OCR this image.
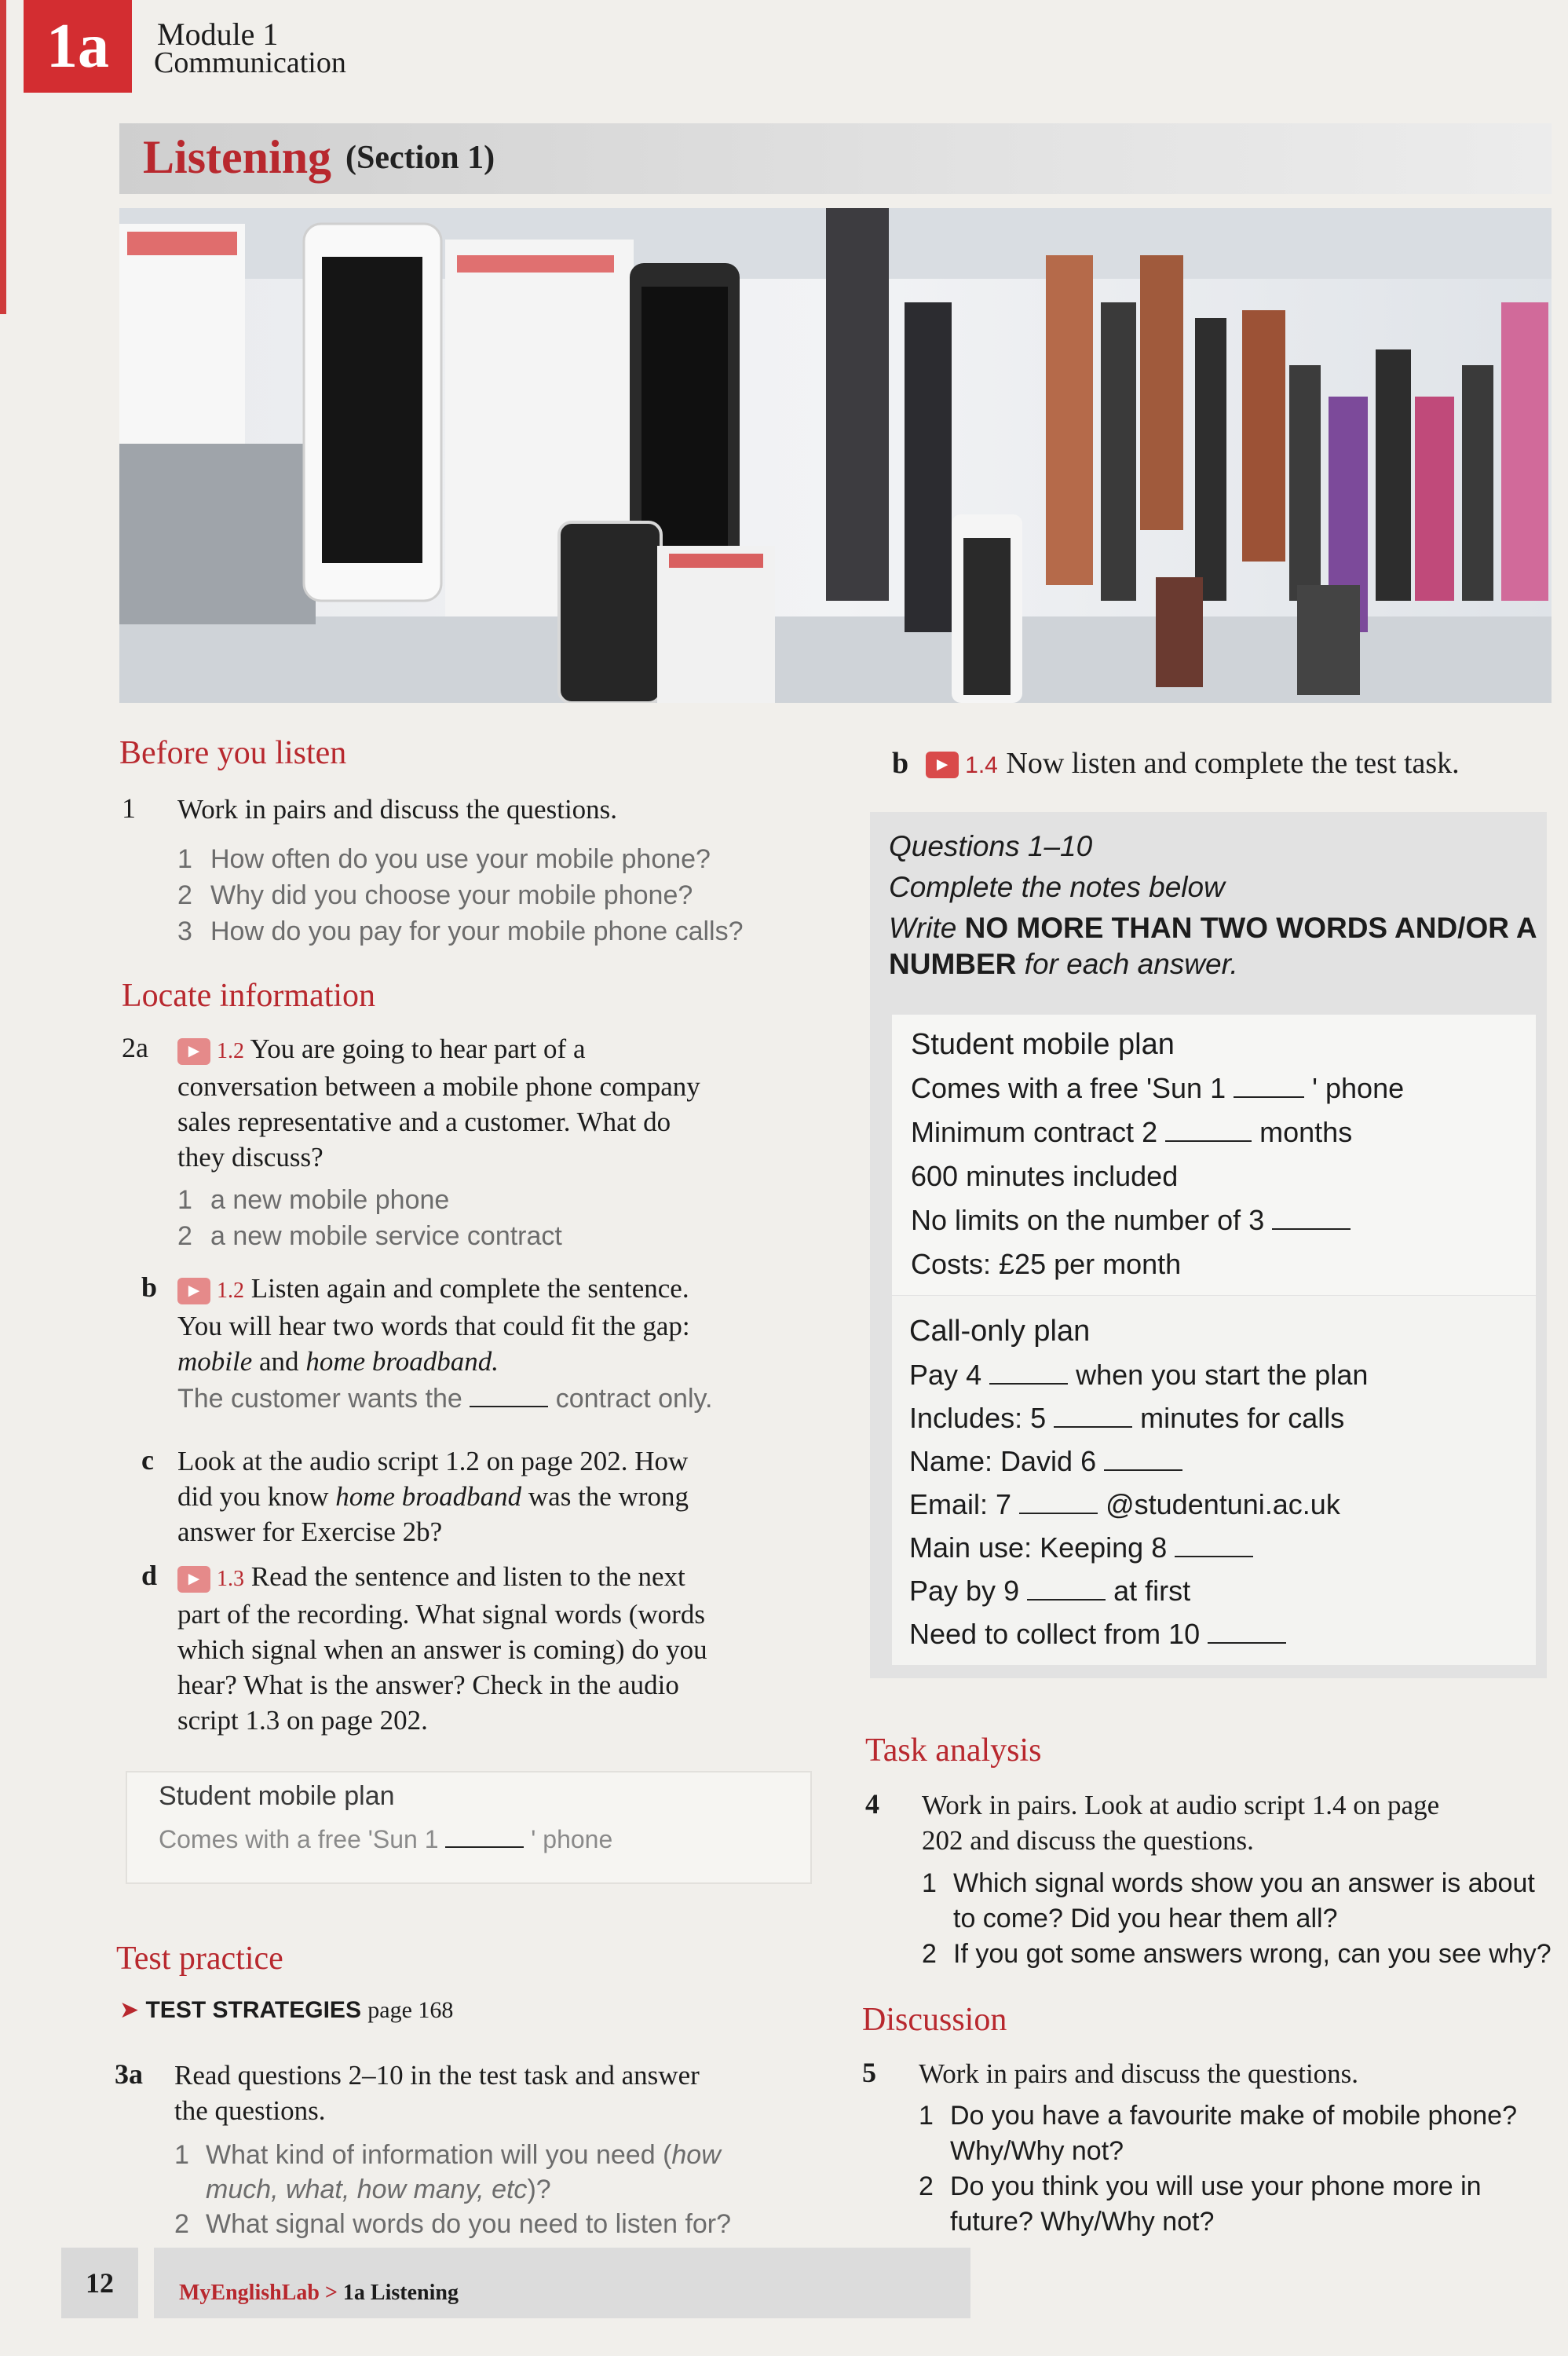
1a	Module 1
Communication
Listening (Section 1)
Before you listen
1 Work in pairs and discuss the questions.
1 How often do you use your mobile phone?
2 Why did you choose your mobile phone?
3 How do you pay for your mobile phone calls?
Locate information
2a	► 1.2 You are going to hear part of a
conversation between a mobile phone company
sales representative and a customer. What do
they discuss?
1 a new mobile phone
2 a new mobile service contract
b	► 1.2 Listen again and complete the sentence.
You will hear two words that could fit the gap:
mobile and home broadband.
The customer wants the	contract only.
c Look at the audio script 1.2 on page 202. How
did you know home broadband was the wrong
answer for Exercise 2b?
d	► 1.3 Read the sentence and listen to the next
part of the recording. What signal words (words
which signal when an answer is coming) do you
hear? What is the answer? Check in the audio
script 1.3 on page 202.
Student mobile plan
Comes with a free 'Sun 1	' phone
Test practice
➤ TEST STRATEGIES page 168
3a Read questions 2–10 in the test task and answer
the questions.
1 What kind of information will you need (how
much, what, how many, etc)?
2 What signal words do you need to listen for?
b ► 1.4 Now listen and complete the test task.
Questions 1–10
Complete the notes below
Write NO MORE THAN TWO WORDS AND/OR A
NUMBER for each answer.
Student mobile plan
Comes with a free 'Sun 1	' phone
Minimum contract 2	months
600 minutes included
No limits on the number of 3
Costs: £25 per month
Call-only plan
Pay 4	when you start the plan
Includes: 5	minutes for calls
Name: David 6
Email: 7	@studentuni.ac.uk
Main use: Keeping 8
Pay by 9	at first
Need to collect from 10
Task analysis
4 Work in pairs. Look at audio script 1.4 on page
202 and discuss the questions.
1 Which signal words show you an answer is about
to come? Did you hear them all?
2 If you got some answers wrong, can you see why?
Discussion
5 Work in pairs and discuss the questions.
1 Do you have a favourite make of mobile phone?
Why/Why not?
2 Do you think you will use your phone more in
future? Why/Why not?
12	MyEnglishLab > 1a Listening
